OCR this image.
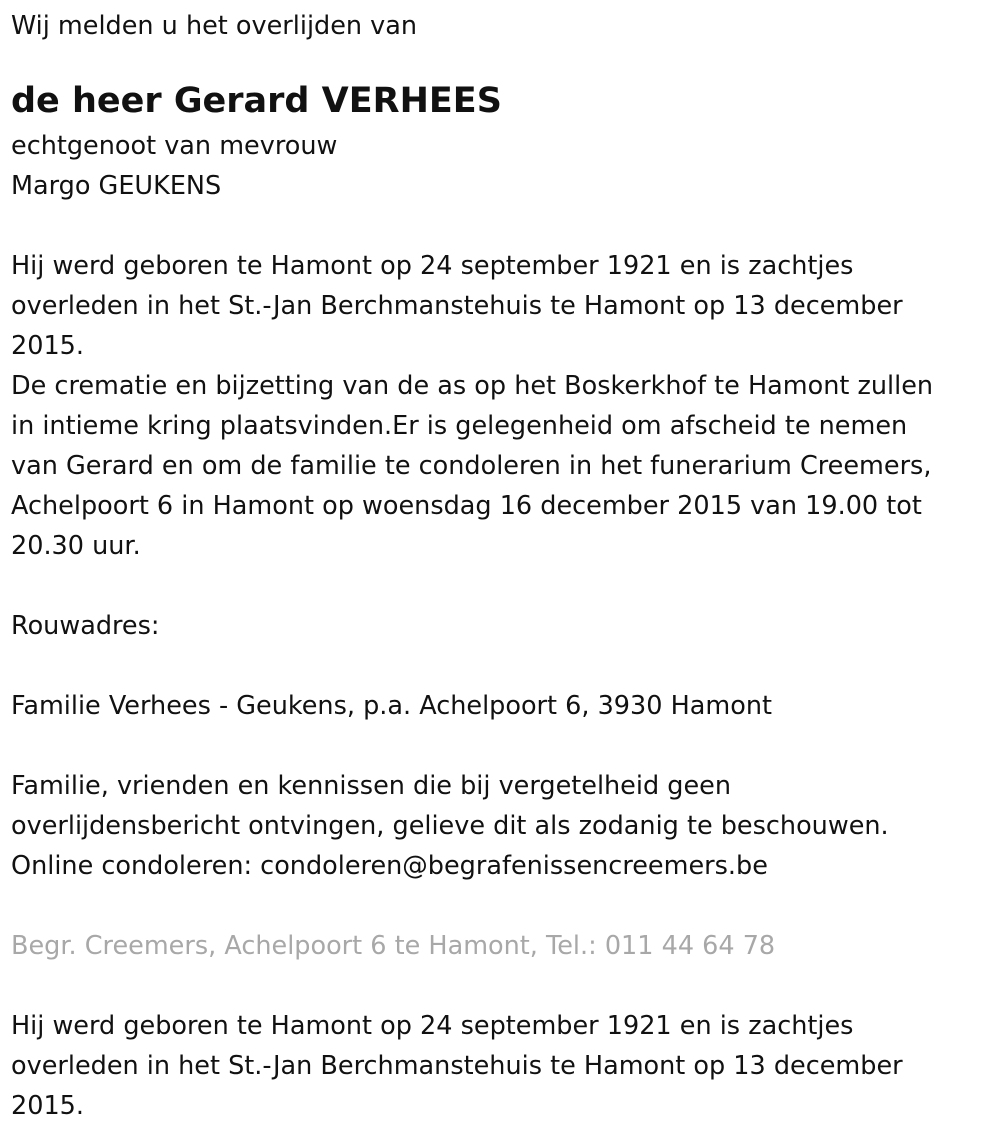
Wij melden u het overlijden van
de heer Gerard VERHEES
echtgenoot van mevrouw
Margo GEUKENS
Hij werd geboren te Hamont op 24 september 1921 en is zachtjes
overleden in het St.-Jan Berchmanstehuis te Hamont op 13 december
2015.
De crematie en bijzetting van de as op het Boskerkhof te Hamont zullen
in intieme kring plaatsvinden.Er is gelegenheid om afscheid te nemen
van Gerard en om de familie te condoleren in het funerarium Creemers,
Achelpoort 6 in Hamont op woensdag 16 december 2015 van 19.00 tot
20.30 uur.
Rouwadres:
Familie Verhees - Geukens, p.a. Achelpoort 6, 3930 Hamont
Familie, vrienden en kennissen die bij vergetelheid geen
overlijdensbericht ontvingen, gelieve dit als zodanig te beschouwen.
Online condoleren: condoleren@begrafenissencreemers.be
Begr. Creemers, Achelpoort 6 te Hamont, Tel.: 011 44 64 78
Hij werd geboren te Hamont op 24 september 1921 en is zachtjes
overleden in het St.-Jan Berchmanstehuis te Hamont op 13 december
2015.
